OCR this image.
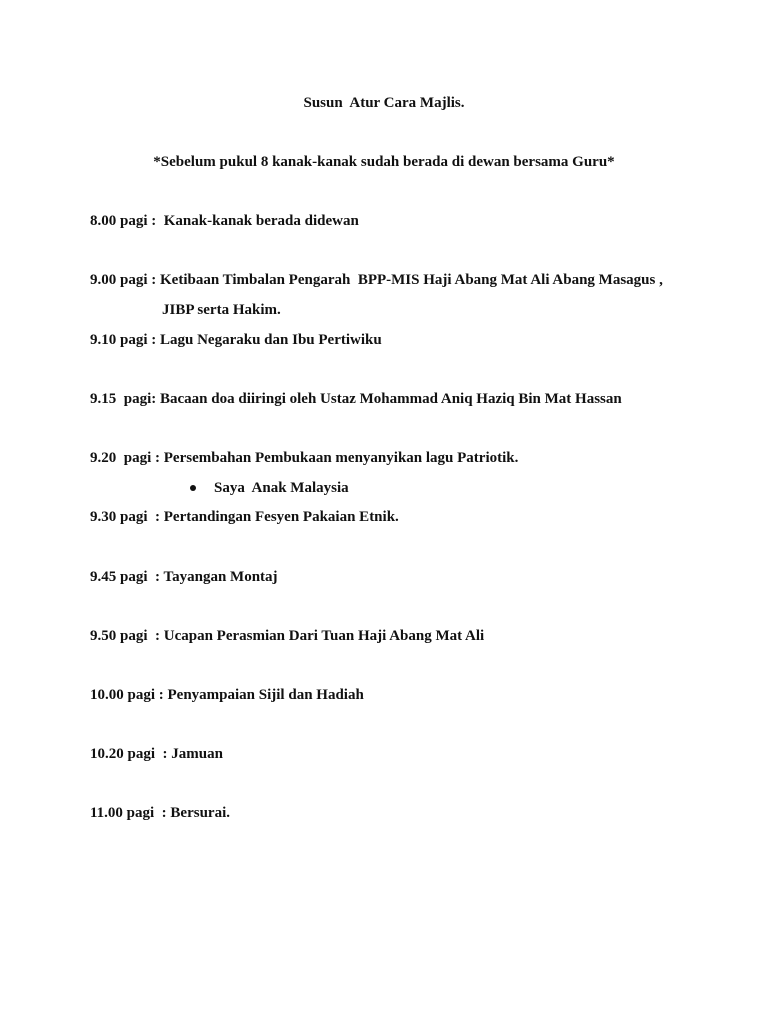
Susun  Atur Cara Majlis.

*Sebelum pukul 8 kanak-kanak sudah berada di dewan bersama Guru*

8.00 pagi :  Kanak-kanak berada didewan

9.00 pagi : Ketibaan Timbalan Pengarah  BPP-MIS Haji Abang Mat Ali Abang Masagus ,

JIBP serta Hakim.

9.10 pagi : Lagu Negaraku dan Ibu Pertiwiku

9.15  pagi: Bacaan doa diiringi oleh Ustaz Mohammad Aniq Haziq Bin Mat Hassan

9.20  pagi : Persembahan Pembukaan menyanyikan lagu Patriotik.

Saya  Anak Malaysia

9.30 pagi  : Pertandingan Fesyen Pakaian Etnik.

9.45 pagi  : Tayangan Montaj

9.50 pagi  : Ucapan Perasmian Dari Tuan Haji Abang Mat Ali

10.00 pagi : Penyampaian Sijil dan Hadiah

10.20 pagi  : Jamuan

11.00 pagi  : Bersurai.
